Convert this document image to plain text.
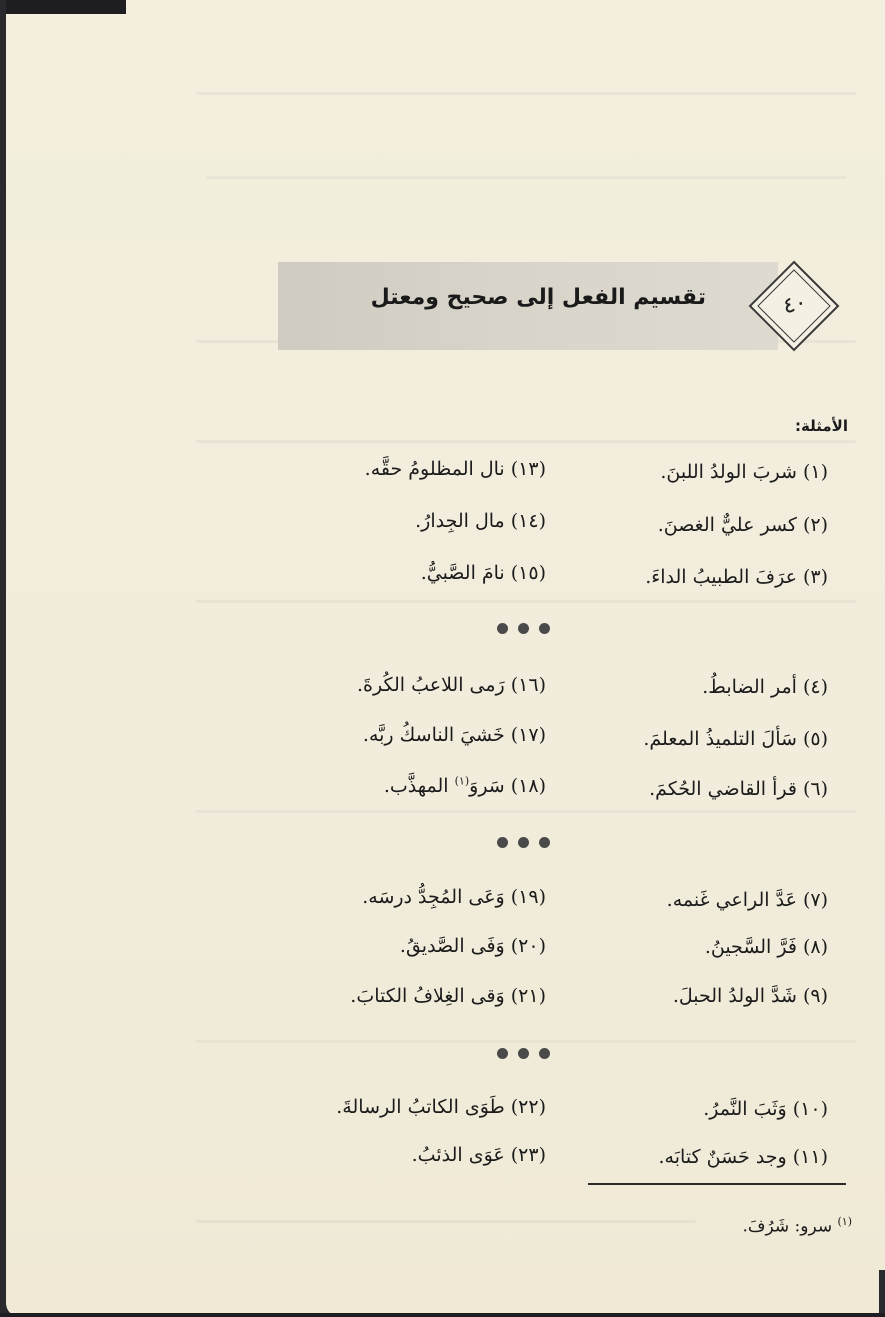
٤٠
تقسيم الفعل إلى صحيح ومعتل
الأمثلة:
(١)شربَ الولدُ اللبنَ.
(٢)كسر عليٌّ الغصنَ.
(٣)عرَفَ الطبيبُ الداءَ.
(١٣)نال المظلومُ حقَّه.
(١٤)مال الجِدارُ.
(١٥)نامَ الصَّبيُّ.
(٤)أمر الضابطُ.
(٥)سَألَ التلميذُ المعلمَ.
(٦)قرأ القاضي الحُكمَ.
(١٦)رَمى اللاعبُ الكُرةَ.
(١٧)خَشيَ الناسكُ ربَّه.
(١٨)سَروَ$^{(١)}$ المهذَّب.
(٧)عَدَّ الراعي غَنمه.
(٨)فَرَّ السَّجينُ.
(٩)شَدَّ الولدُ الحبلَ.
(١٩)وَعَى المُجِدُّ درسَه.
(٢٠)وَفَى الصَّديقُ.
(٢١)وَقى الغِلافُ الكتابَ.
(١٠)وَثَبَ النَّمرُ.
(١١)وجد حَسَنٌ كتابَه.
(٢٢)طَوَى الكاتبُ الرسالةَ.
(٢٣)عَوَى الذئبُ.
$^{(١)}$ سرو: شَرُفَ.
